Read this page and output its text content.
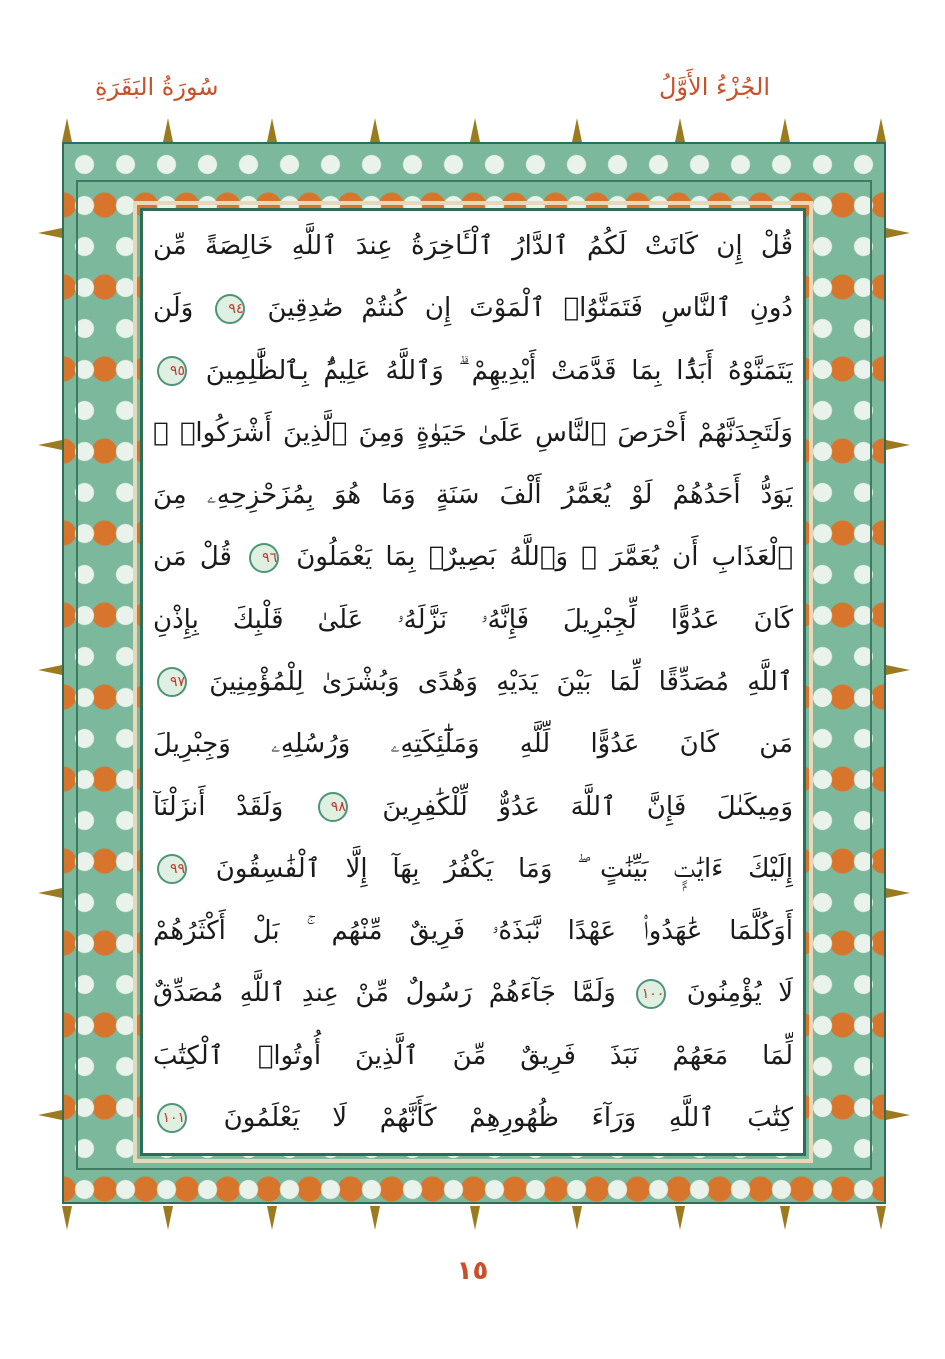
سُورَةُ البَقَرَةِ	الجُزْءُ الأَوَّلُ
قُلْ إِن كَانَتْ لَكُمُ ٱلدَّارُ ٱلْـَٔاخِرَةُ عِندَ ٱللَّهِ خَالِصَةً مِّن
دُونِ ٱلنَّاسِ فَتَمَنَّوُا۟ ٱلْمَوْتَ إِن كُنتُمْ صَٰدِقِينَ ٩٤ وَلَن
يَتَمَنَّوْهُ أَبَدًۢا بِمَا قَدَّمَتْ أَيْدِيهِمْ ۗ وَٱللَّهُ عَلِيمٌۢ بِٱلظَّٰلِمِينَ ٩٥
وَلَتَجِدَنَّهُمْ أَحْرَصَ ٱلنَّاسِ عَلَىٰ حَيَوٰةٍ وَمِنَ ٱلَّذِينَ أَشْرَكُوا۟ ۚ
يَوَدُّ أَحَدُهُمْ لَوْ يُعَمَّرُ أَلْفَ سَنَةٍ وَمَا هُوَ بِمُزَحْزِحِهِۦ مِنَ
ٱلْعَذَابِ أَن يُعَمَّرَ ۗ وَٱللَّهُ بَصِيرٌۢ بِمَا يَعْمَلُونَ ٩٦ قُلْ مَن
كَانَ عَدُوًّا لِّجِبْرِيلَ فَإِنَّهُۥ نَزَّلَهُۥ عَلَىٰ قَلْبِكَ بِإِذْنِ
ٱللَّهِ مُصَدِّقًا لِّمَا بَيْنَ يَدَيْهِ وَهُدًى وَبُشْرَىٰ لِلْمُؤْمِنِينَ ٩٧
مَن كَانَ عَدُوًّا لِّلَّهِ وَمَلَٰٓئِكَتِهِۦ وَرُسُلِهِۦ وَجِبْرِيلَ
وَمِيكَىٰلَ فَإِنَّ ٱللَّهَ عَدُوٌّ لِّلْكَٰفِرِينَ ٩٨ وَلَقَدْ أَنزَلْنَآ
إِلَيْكَ ءَايَٰتٍۭ بَيِّنَٰتٍ ۖ وَمَا يَكْفُرُ بِهَآ إِلَّا ٱلْفَٰسِقُونَ ٩٩
أَوَكُلَّمَا عَٰهَدُوا۟ عَهْدًا نَّبَذَهُۥ فَرِيقٌ مِّنْهُم ۚ بَلْ أَكْثَرُهُمْ
لَا يُؤْمِنُونَ ١٠٠ وَلَمَّا جَآءَهُمْ رَسُولٌ مِّنْ عِندِ ٱللَّهِ مُصَدِّقٌ
لِّمَا مَعَهُمْ نَبَذَ فَرِيقٌ مِّنَ ٱلَّذِينَ أُوتُوا۟ ٱلْكِتَٰبَ
كِتَٰبَ ٱللَّهِ وَرَآءَ ظُهُورِهِمْ كَأَنَّهُمْ لَا يَعْلَمُونَ ١٠١
١٥
